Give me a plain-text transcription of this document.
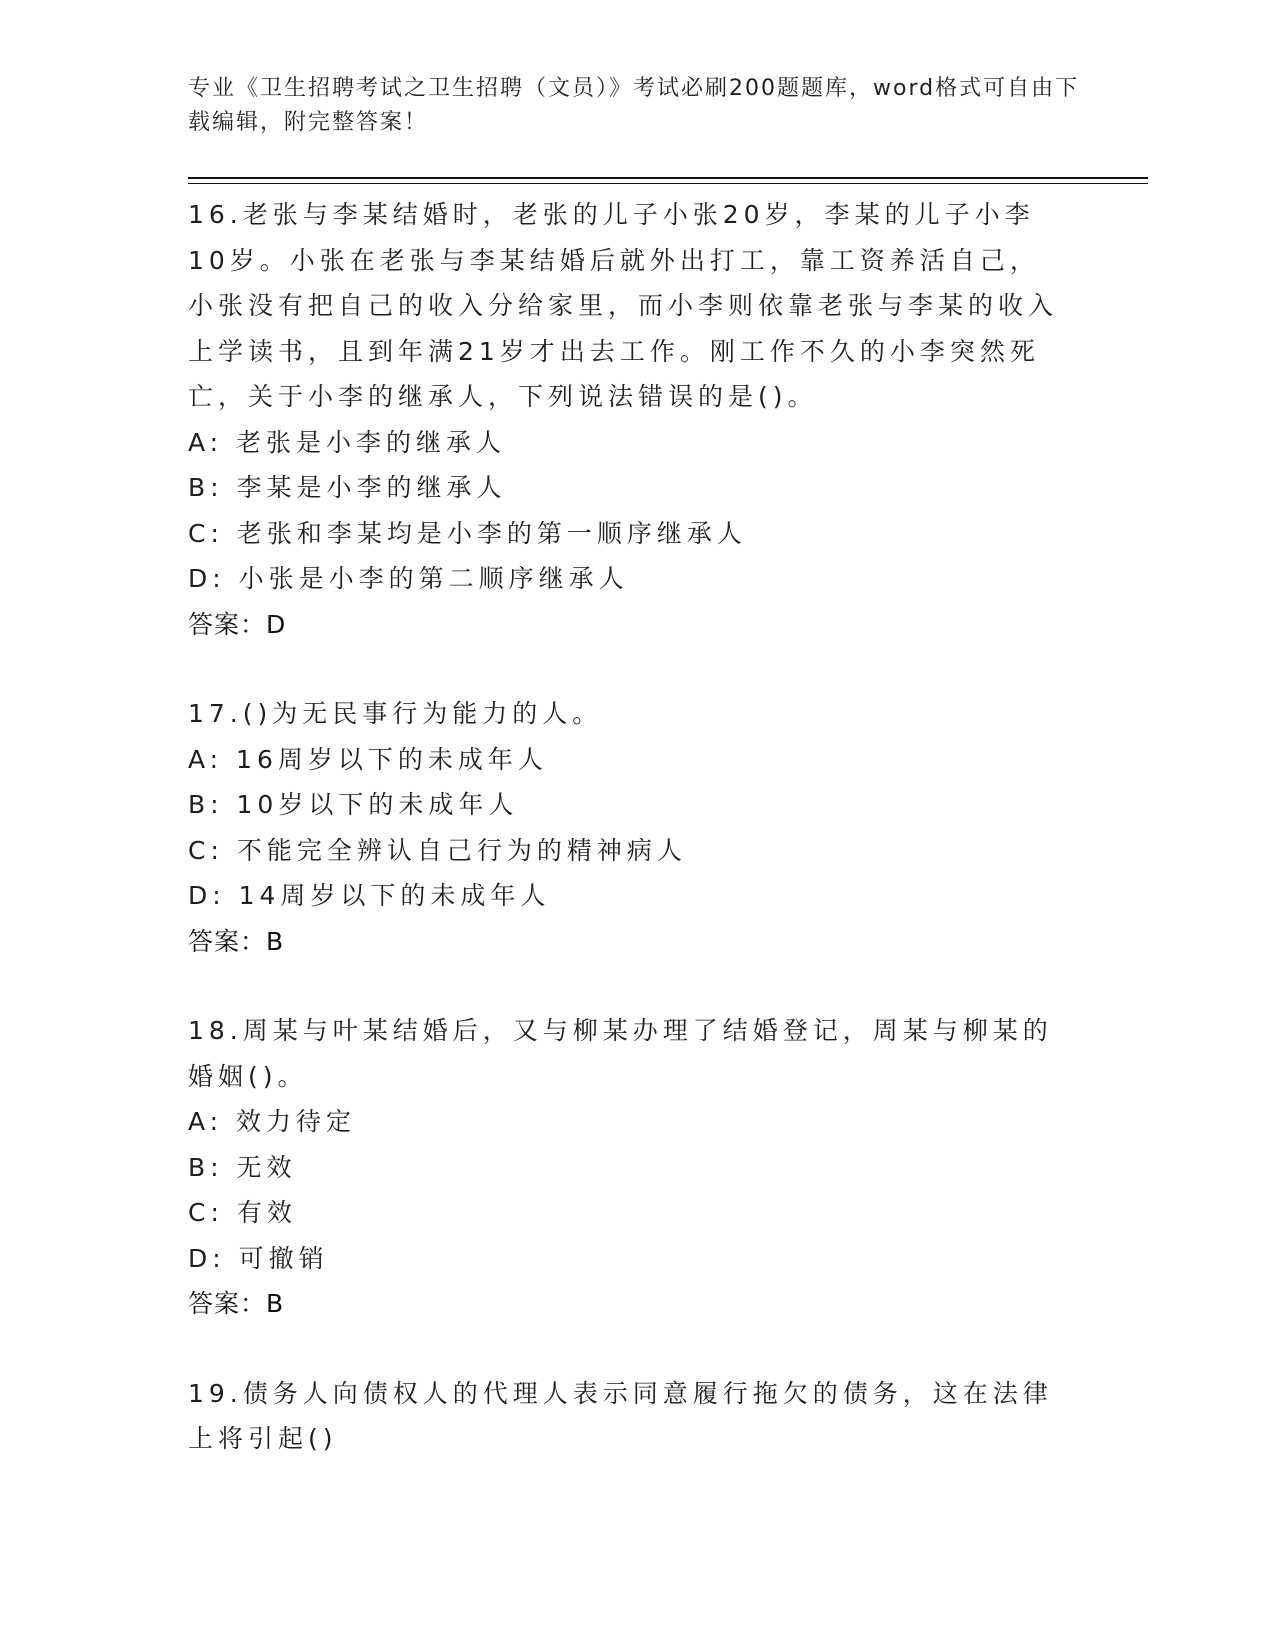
专业《卫生招聘考试之卫生招聘（文员）》考试必刷200题题库，word格式可自由下载编辑，附完整答案！

16.老张与李某结婚时，老张的儿子小张20岁，李某的儿子小李10岁。小张在老张与李某结婚后就外出打工，靠工资养活自己，小张没有把自己的收入分给家里，而小李则依靠老张与李某的收入上学读书，且到年满21岁才出去工作。刚工作不久的小李突然死亡，关于小李的继承人，下列说法错误的是()。

A: 老张是小李的继承人

B: 李某是小李的继承人

C: 老张和李某均是小李的第一顺序继承人

D: 小张是小李的第二顺序继承人

答案：D

17.()为无民事行为能力的人。

A: 16周岁以下的未成年人

B: 10岁以下的未成年人

C: 不能完全辨认自己行为的精神病人

D: 14周岁以下的未成年人

答案：B

18.周某与叶某结婚后，又与柳某办理了结婚登记，周某与柳某的婚姻()。

A: 效力待定

B: 无效

C: 有效

D: 可撤销

答案：B

19.债务人向债权人的代理人表示同意履行拖欠的债务，这在法律上将引起()
